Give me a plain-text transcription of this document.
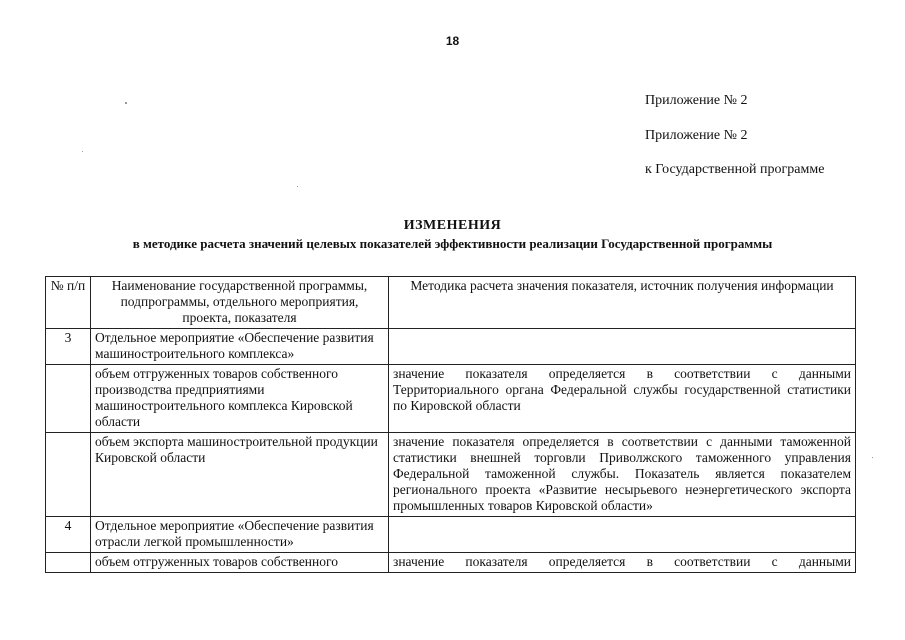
18
Приложение № 2
Приложение № 2
к Государственной программе
ИЗМЕНЕНИЯ
в методике расчета значений целевых показателей эффективности реализации Государственной программы
№ п/п	Наименование государственной программы, подпрограммы, отдельного мероприятия, проекта, показателя	Методика расчета значения показателя, источник получения информации
3	Отдельное мероприятие «Обеспечение развития машиностроительного комплекса»	
	объем отгруженных товаров собственного производства предприятиями машиностроительного комплекса Кировской области	значение показателя определяется в соответствии с данными Территориального органа Федеральной службы государственной статистики по Кировской области
	объем экспорта машиностроительной продукции Кировской области	значение показателя определяется в соответствии с данными таможенной статистики внешней торговли Приволжского таможенного управления Федеральной таможенной службы. Показатель является показателем регионального проекта «Развитие несырьевого неэнергетического экспорта промышленных товаров Кировской области»
4	Отдельное мероприятие «Обеспечение развития отрасли легкой промышленности»	
	объем отгруженных товаров собственного	значение показателя определяется в соответствии с данными
